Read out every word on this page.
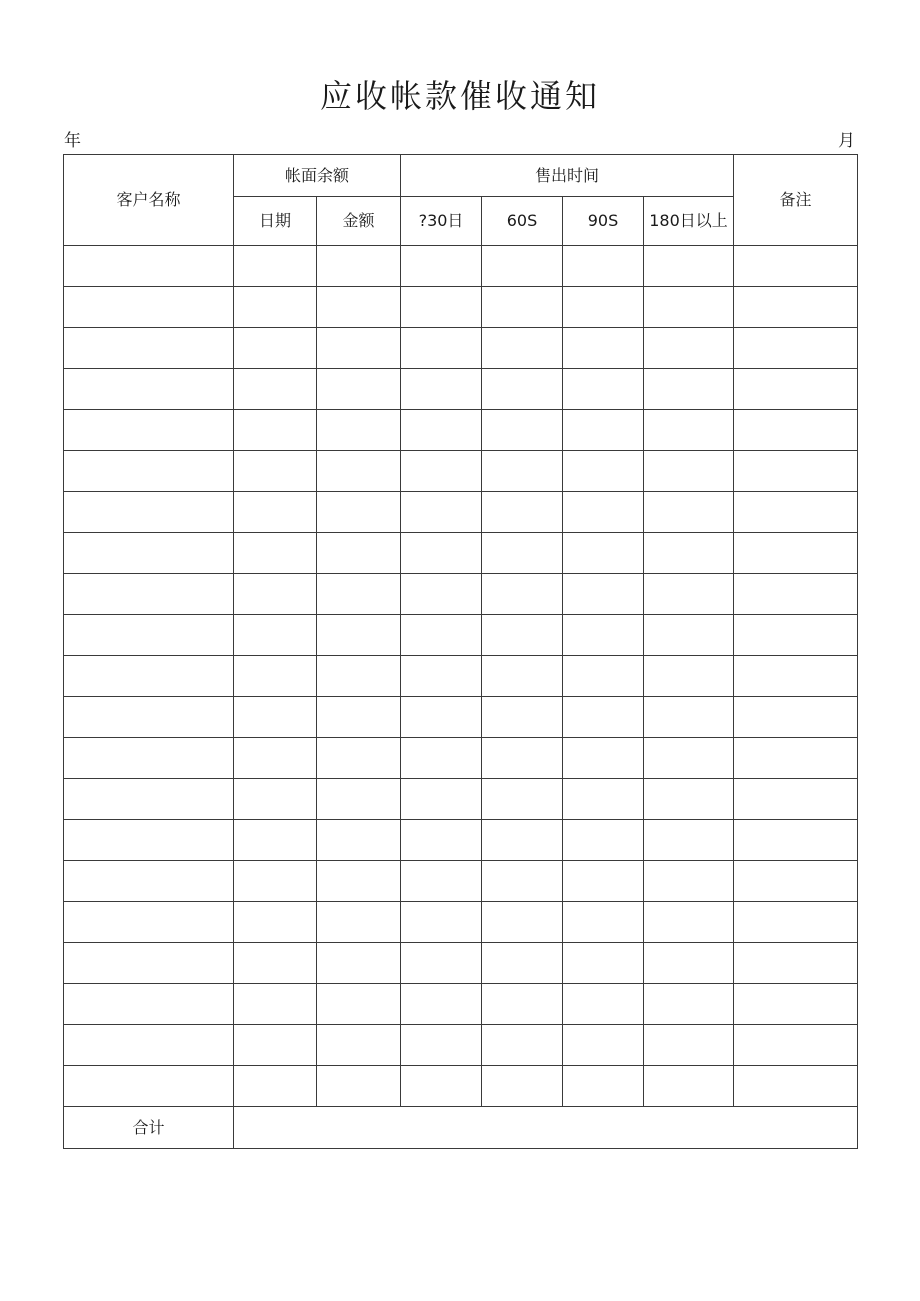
应收帐款催收通知
年	月
客户名称	帐面余额		售出时间				备注
	日期	金额	?30日	60S	90S	180日以上	

合计							
